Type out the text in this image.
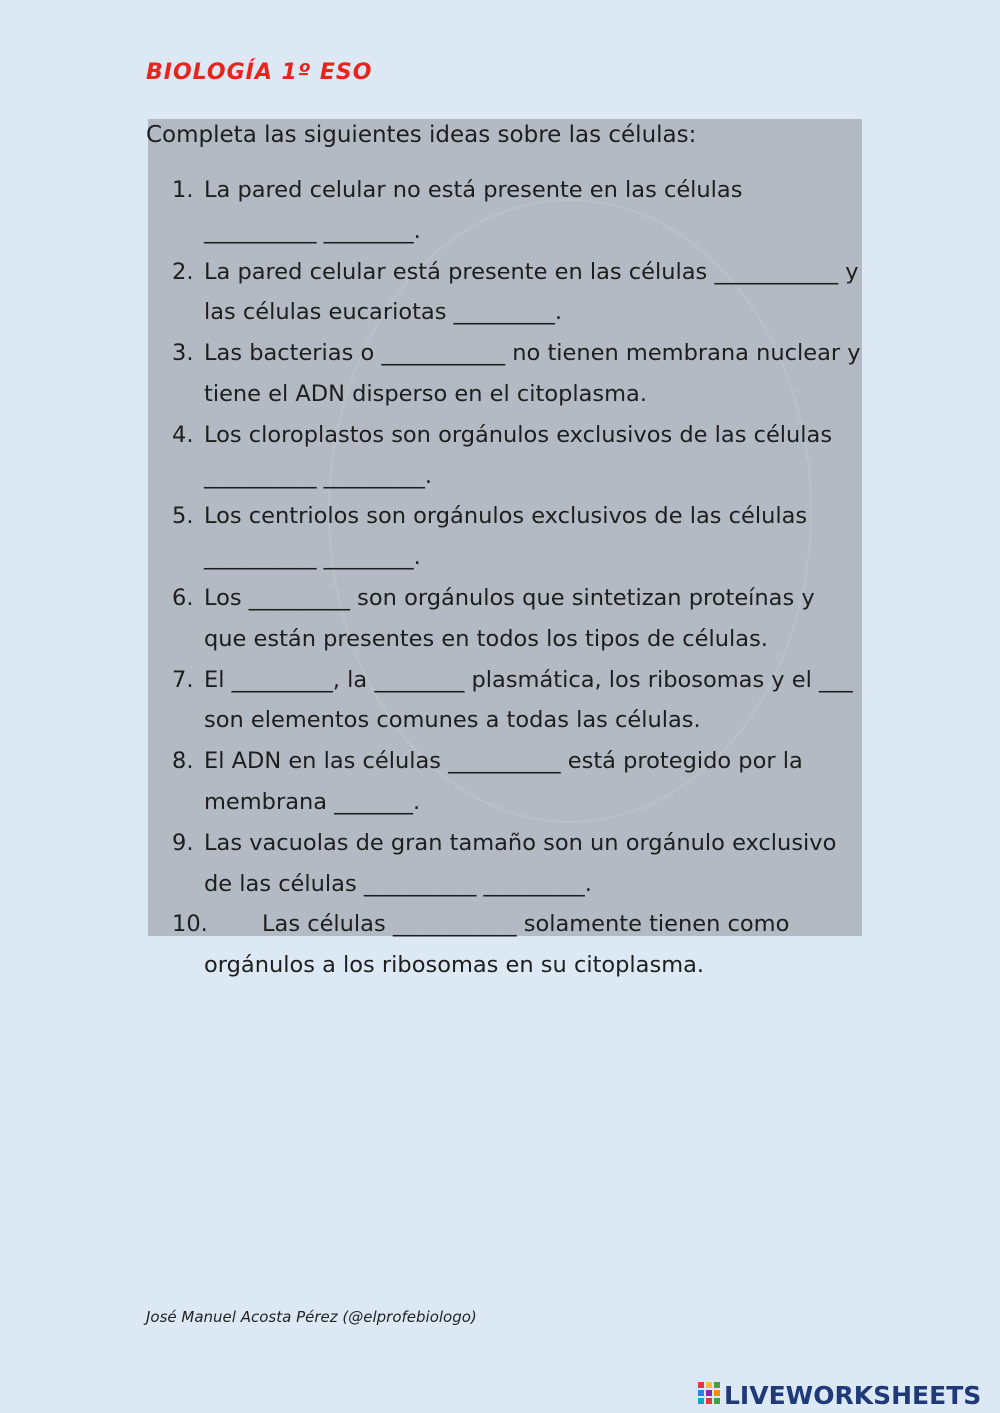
BIOLOGÍA 1º ESO
Completa las siguientes ideas sobre las células:
1. La pared celular no está presente en las células __________ ________.
2. La pared celular está presente en las células ___________ y las células eucariotas _________.
3. Las bacterias o ___________ no tienen membrana nuclear y tiene el ADN disperso en el citoplasma.
4. Los cloroplastos son orgánulos exclusivos de las células __________ _________.
5. Los centriolos son orgánulos exclusivos de las células __________ ________.
6. Los _________ son orgánulos que sintetizan proteínas y que están presentes en todos los tipos de células.
7. El _________, la ________ plasmática, los ribosomas y el ___ son elementos comunes a todas las células.
8. El ADN en las células __________ está protegido por la membrana _______.
9. Las vacuolas de gran tamaño son un orgánulo exclusivo de las células __________ _________.
10.	Las células ___________ solamente tienen como orgánulos a los ribosomas en su citoplasma.
José Manuel Acosta Pérez (@elprofebiologo)
LIVEWORKSHEETS
